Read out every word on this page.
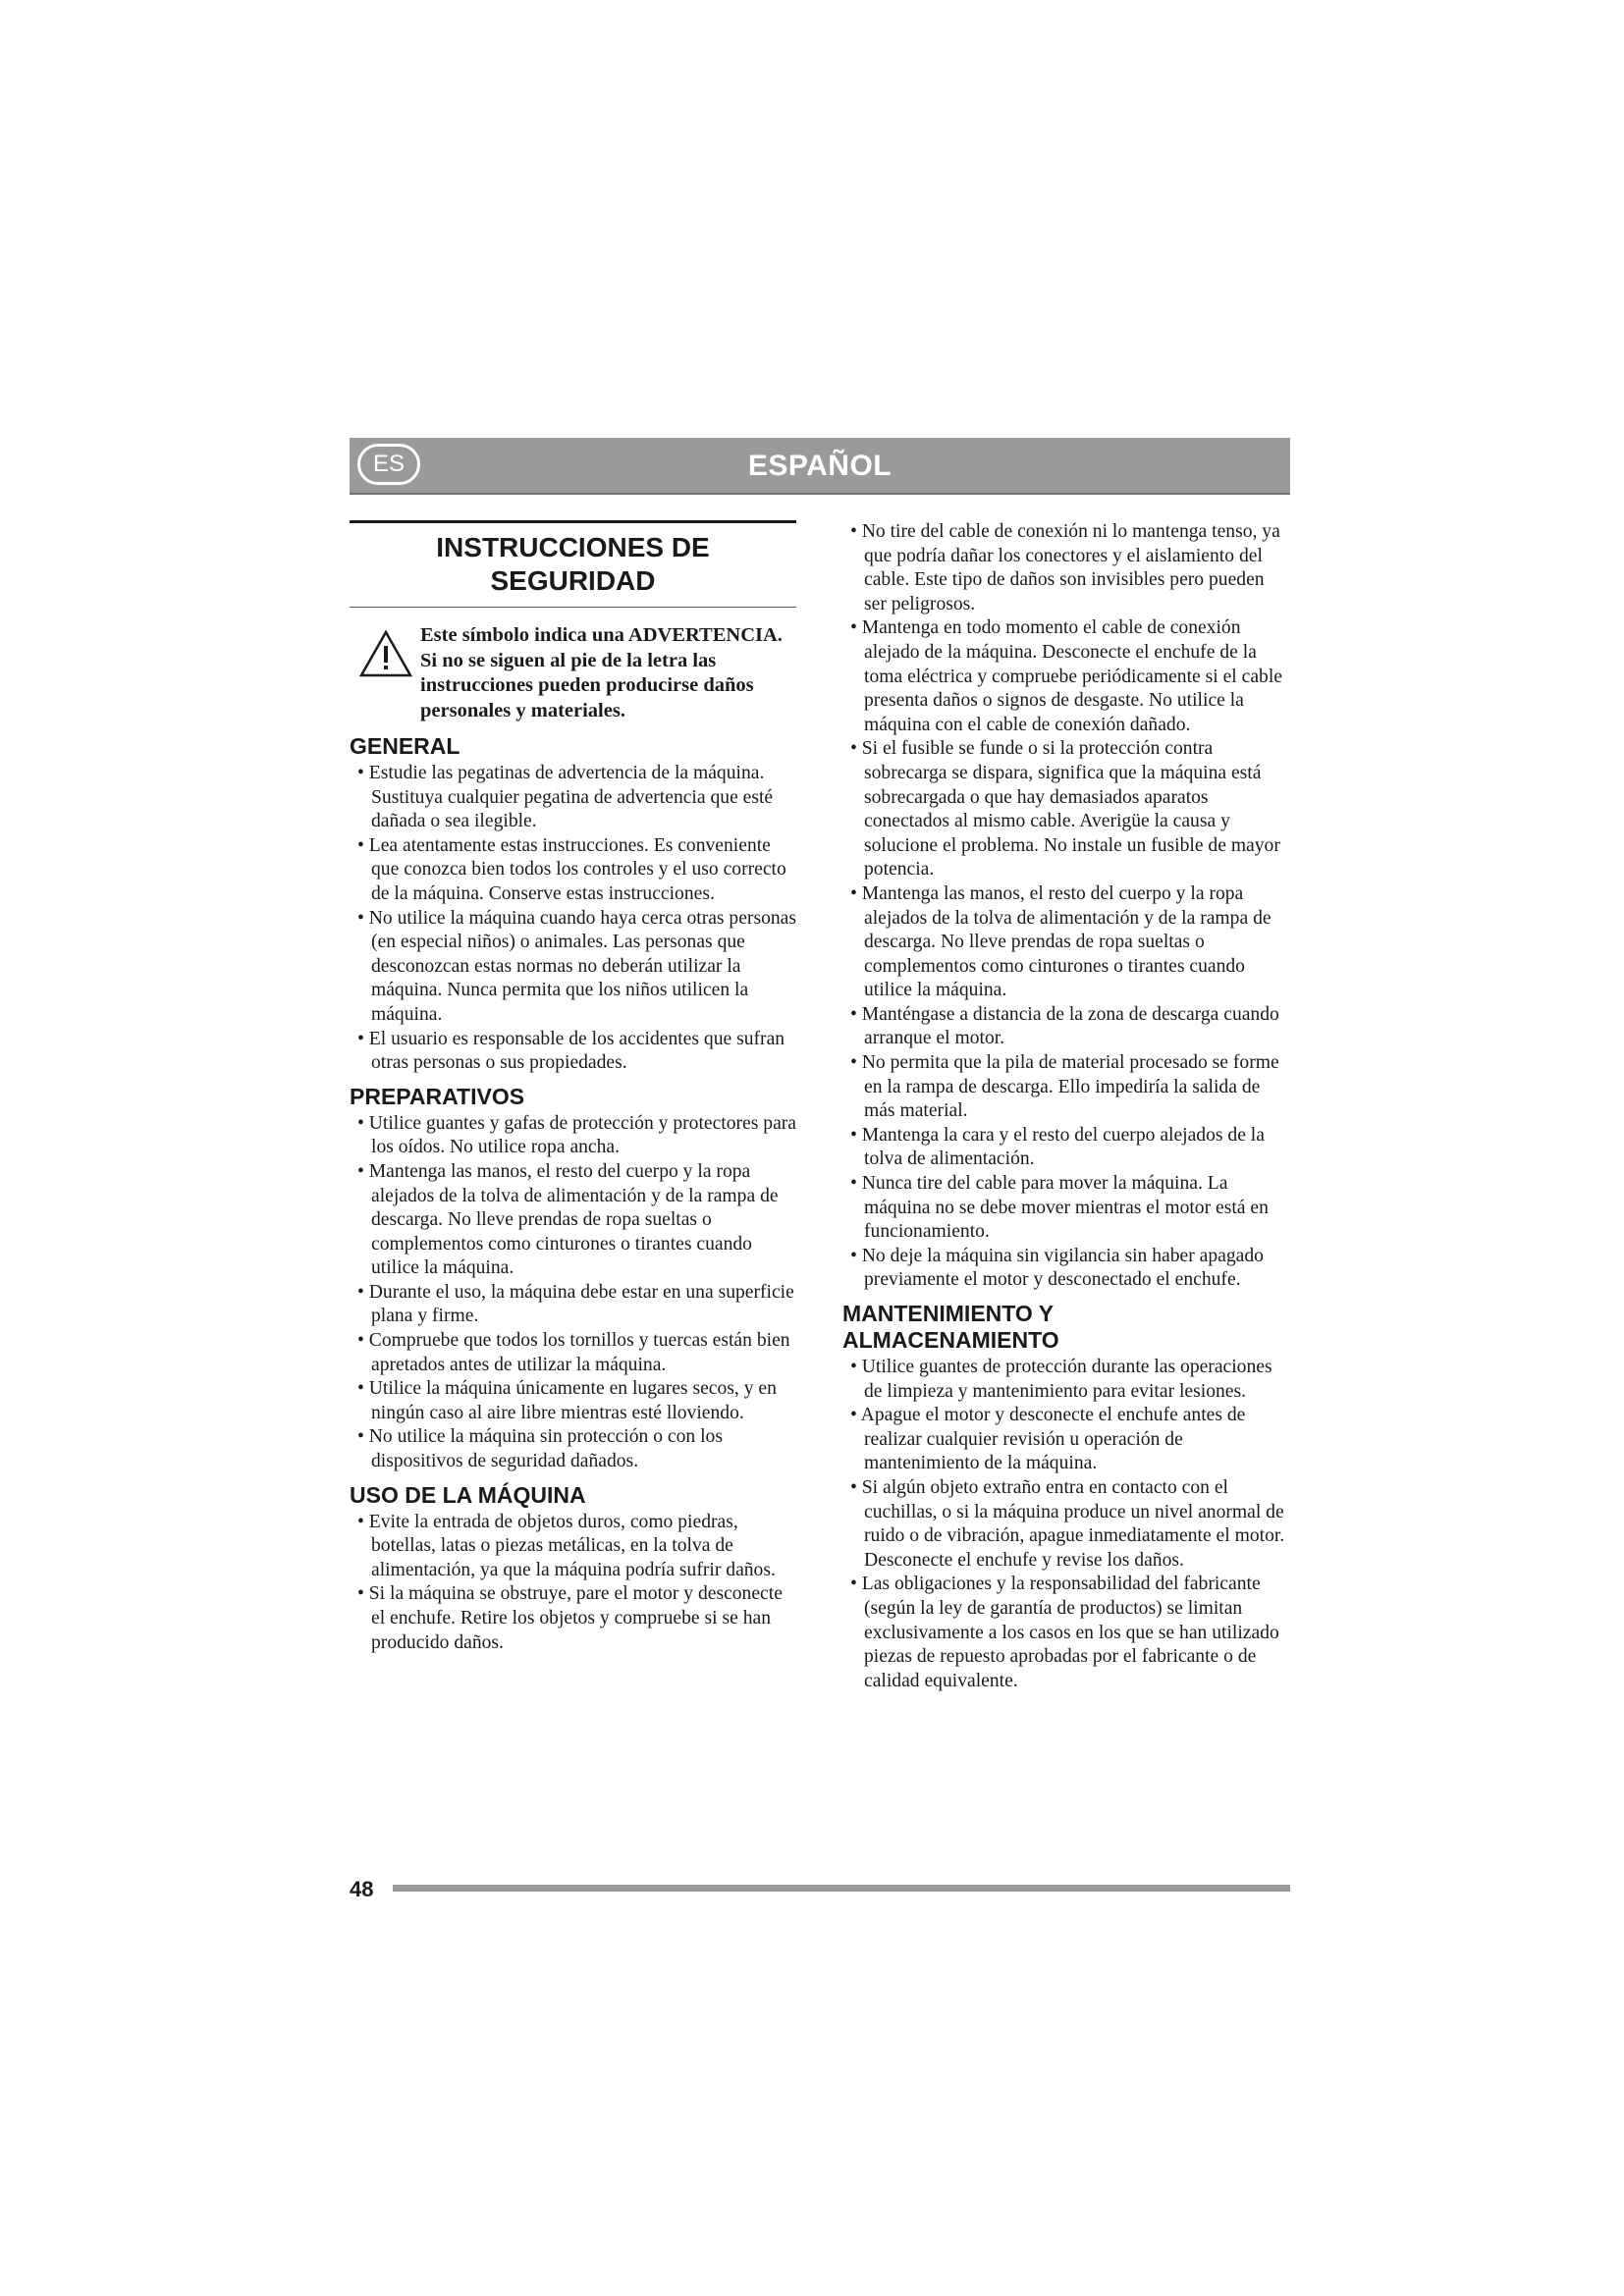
ES	ESPAÑOL
INSTRUCCIONES DE
SEGURIDAD

Este símbolo indica una ADVERTENCIA. Si no se siguen al pie de la letra las instrucciones pueden producirse daños personales y materiales.

GENERAL
• Estudie las pegatinas de advertencia de la máquina. Sustituya cualquier pegatina de advertencia que esté dañada o sea ilegible.
• Lea atentamente estas instrucciones. Es conveniente que conozca bien todos los controles y el uso correcto de la máquina. Conserve estas instrucciones.
• No utilice la máquina cuando haya cerca otras personas (en especial niños) o animales. Las personas que desconozcan estas normas no deberán utilizar la máquina. Nunca permita que los niños utilicen la máquina.
• El usuario es responsable de los accidentes que sufran otras personas o sus propiedades.
PREPARATIVOS
• Utilice guantes y gafas de protección y protectores para los oídos. No utilice ropa ancha.
• Mantenga las manos, el resto del cuerpo y la ropa alejados de la tolva de alimentación y de la rampa de descarga. No lleve prendas de ropa sueltas o complementos como cinturones o tirantes cuando utilice la máquina.
• Durante el uso, la máquina debe estar en una superficie plana y firme.
• Compruebe que todos los tornillos y tuercas están bien apretados antes de utilizar la máquina.
• Utilice la máquina únicamente en lugares secos, y en ningún caso al aire libre mientras esté lloviendo.
• No utilice la máquina sin protección o con los dispositivos de seguridad dañados.
USO DE LA MÁQUINA
• Evite la entrada de objetos duros, como piedras, botellas, latas o piezas metálicas, en la tolva de alimentación, ya que la máquina podría sufrir daños.
• Si la máquina se obstruye, pare el motor y desconecte el enchufe. Retire los objetos y compruebe si se han producido daños.
• No tire del cable de conexión ni lo mantenga tenso, ya que podría dañar los conectores y el aislamiento del cable. Este tipo de daños son invisibles pero pueden ser peligrosos.
• Mantenga en todo momento el cable de conexión alejado de la máquina. Desconecte el enchufe de la toma eléctrica y compruebe periódicamente si el cable presenta daños o signos de desgaste. No utilice la máquina con el cable de conexión dañado.
• Si el fusible se funde o si la protección contra sobrecarga se dispara, significa que la máquina está sobrecargada o que hay demasiados aparatos conectados al mismo cable. Averigüe la causa y solucione el problema. No instale un fusible de mayor potencia.
• Mantenga las manos, el resto del cuerpo y la ropa alejados de la tolva de alimentación y de la rampa de descarga. No lleve prendas de ropa sueltas o complementos como cinturones o tirantes cuando utilice la máquina.
• Manténgase a distancia de la zona de descarga cuando arranque el motor.
• No permita que la pila de material procesado se forme en la rampa de descarga. Ello impediría la salida de más material.
• Mantenga la cara y el resto del cuerpo alejados de la tolva de alimentación.
• Nunca tire del cable para mover la máquina. La máquina no se debe mover mientras el motor está en funcionamiento.
• No deje la máquina sin vigilancia sin haber apagado previamente el motor y desconectado el enchufe.
MANTENIMIENTO Y ALMACENAMIENTO
• Utilice guantes de protección durante las operaciones de limpieza y mantenimiento para evitar lesiones.
• Apague el motor y desconecte el enchufe antes de realizar cualquier revisión u operación de mantenimiento de la máquina.
• Si algún objeto extraño entra en contacto con el cuchillas, o si la máquina produce un nivel anormal de ruido o de vibración, apague inmediatamente el motor. Desconecte el enchufe y revise los daños.
• Las obligaciones y la responsabilidad del fabricante (según la ley de garantía de productos) se limitan exclusivamente a los casos en los que se han utilizado piezas de repuesto aprobadas por el fabricante o de calidad equivalente.
48
